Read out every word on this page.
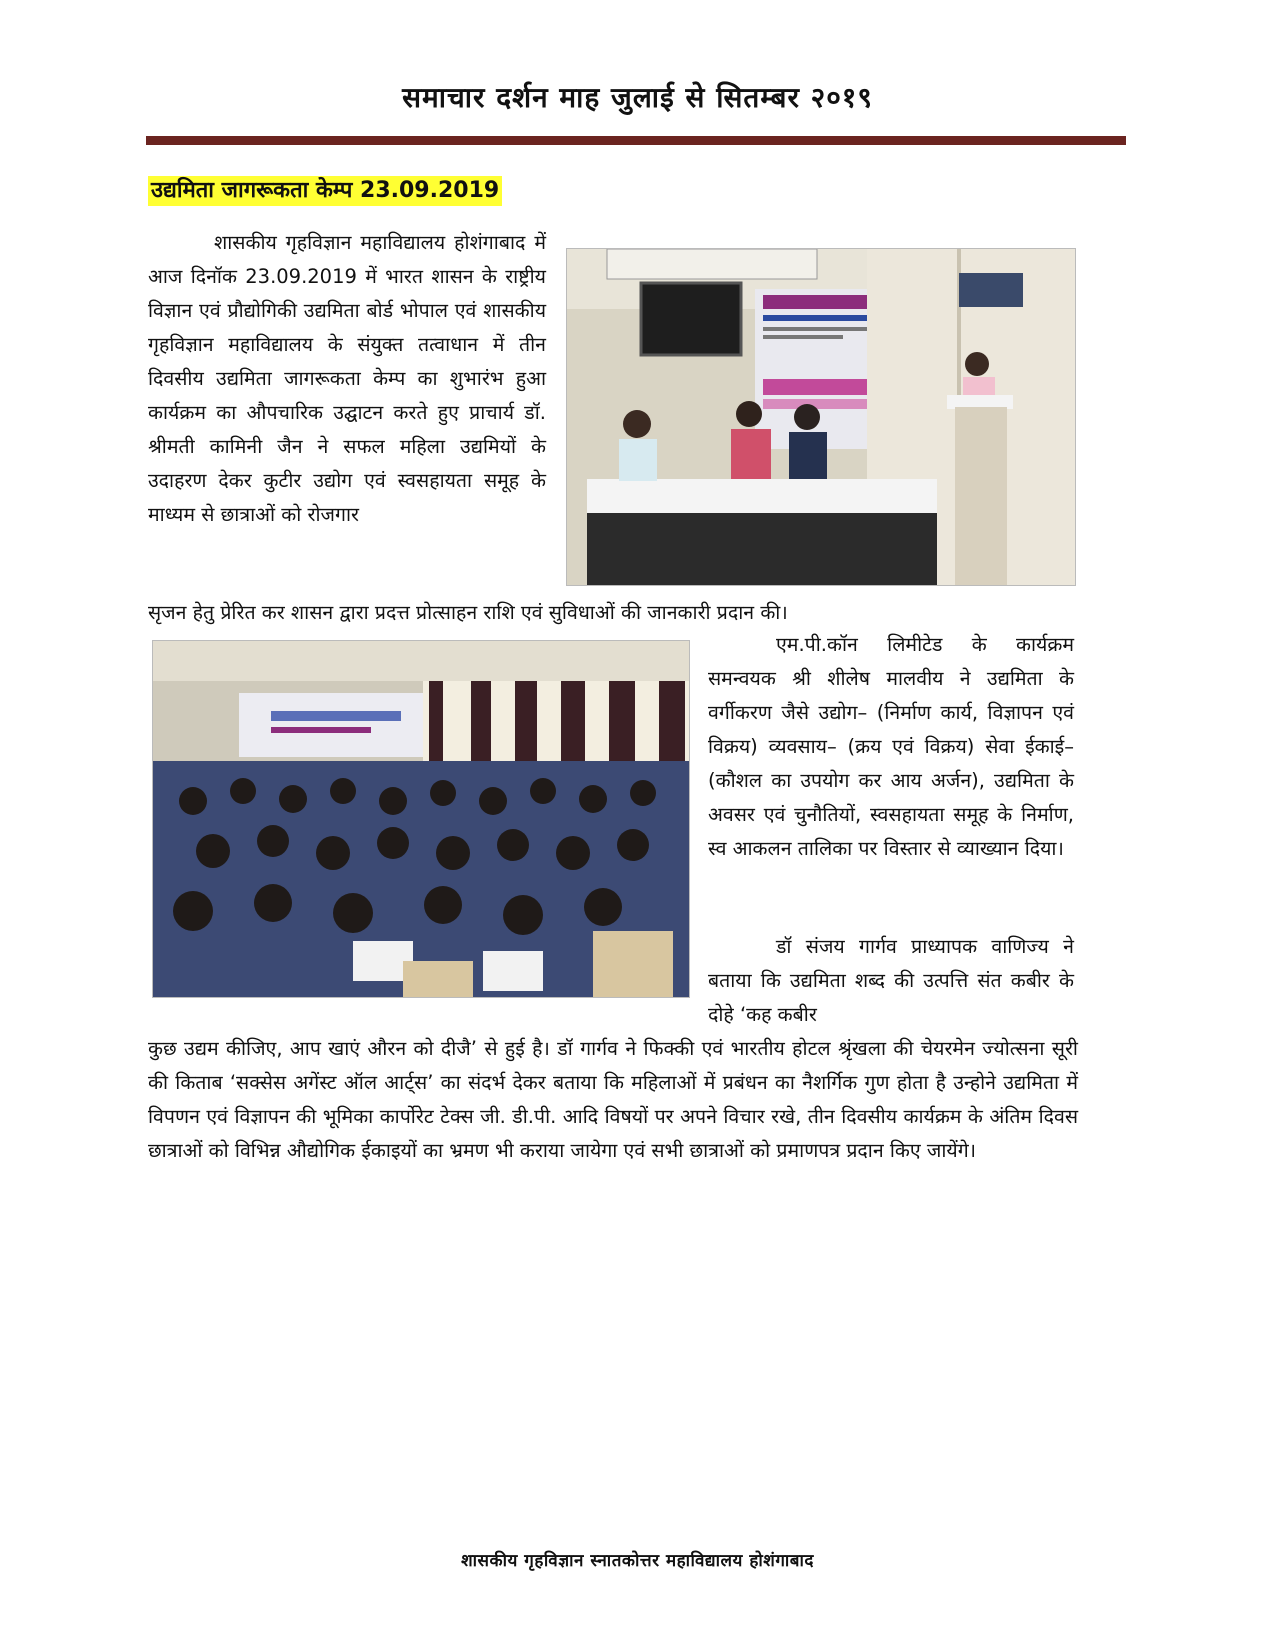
समाचार दर्शन माह जुलाई से सितम्बर २०१९
उद्यमिता जागरूकता केम्प 23.09.2019

शासकीय गृहविज्ञान महाविद्यालय होशंगाबाद में आज दिनॉक 23.09.2019 में भारत शासन के राष्ट्रीय विज्ञान एवं प्रौद्योगिकी उद्यमिता बोर्ड भोपाल एवं शासकीय गृहविज्ञान महाविद्यालय के संयुक्त तत्वाधान में तीन दिवसीय उद्यमिता जागरूकता केम्प का शुभारंभ हुआ कार्यक्रम का औपचारिक उद्घाटन करते हुए प्राचार्य डॉ. श्रीमती कामिनी जैन ने सफल महिला उद्यमियों के उदाहरण देकर कुटीर उद्योग एवं स्वसहायता समूह के माध्यम से छात्राओं को रोजगार

सृजन हेतु प्रेरित कर शासन द्वारा प्रदत्त प्रोत्साहन राशि एवं सुविधाओं की जानकारी प्रदान की।

एम.पी.कॉन लिमीटेड के कार्यक्रम समन्वयक श्री शीलेष मालवीय ने उद्यमिता के वर्गीकरण जैसे उद्योग– (निर्माण कार्य, विज्ञापन एवं विक्रय) व्यवसाय– (क्रय एवं विक्रय) सेवा ईकाई– (कौशल का उपयोग कर आय अर्जन), उद्यमिता के अवसर एवं चुनौतियों, स्वसहायता समूह के निर्माण, स्व आकलन तालिका पर विस्तार से व्याख्यान दिया।

डॉ संजय गार्गव प्राध्यापक वाणिज्य ने बताया कि उद्यमिता शब्द की उत्पत्ति संत कबीर के दोहे ‘कह कबीर

कुछ उद्यम कीजिए, आप खाएं औरन को दीजै’ से हुई है। डॉ गार्गव ने फिक्की एवं भारतीय होटल श्रृंखला की चेयरमेन ज्योत्सना सूरी की किताब ‘सक्सेस अगेंस्ट ऑल आर्ट्स’ का संदर्भ देकर बताया कि महिलाओं में प्रबंधन का नैशर्गिक गुण होता है उन्होने उद्यमिता में विपणन एवं विज्ञापन की भूमिका कार्पोरेट टेक्स जी. डी.पी. आदि विषयों पर अपने विचार रखे, तीन दिवसीय कार्यक्रम के अंतिम दिवस छात्राओं को विभिन्न औद्योगिक ईकाइयों का भ्रमण भी कराया जायेगा एवं सभी छात्राओं को प्रमाणपत्र प्रदान किए जायेंगे।

शासकीय गृहविज्ञान स्नातकोत्तर महाविद्यालय होशंगाबाद
